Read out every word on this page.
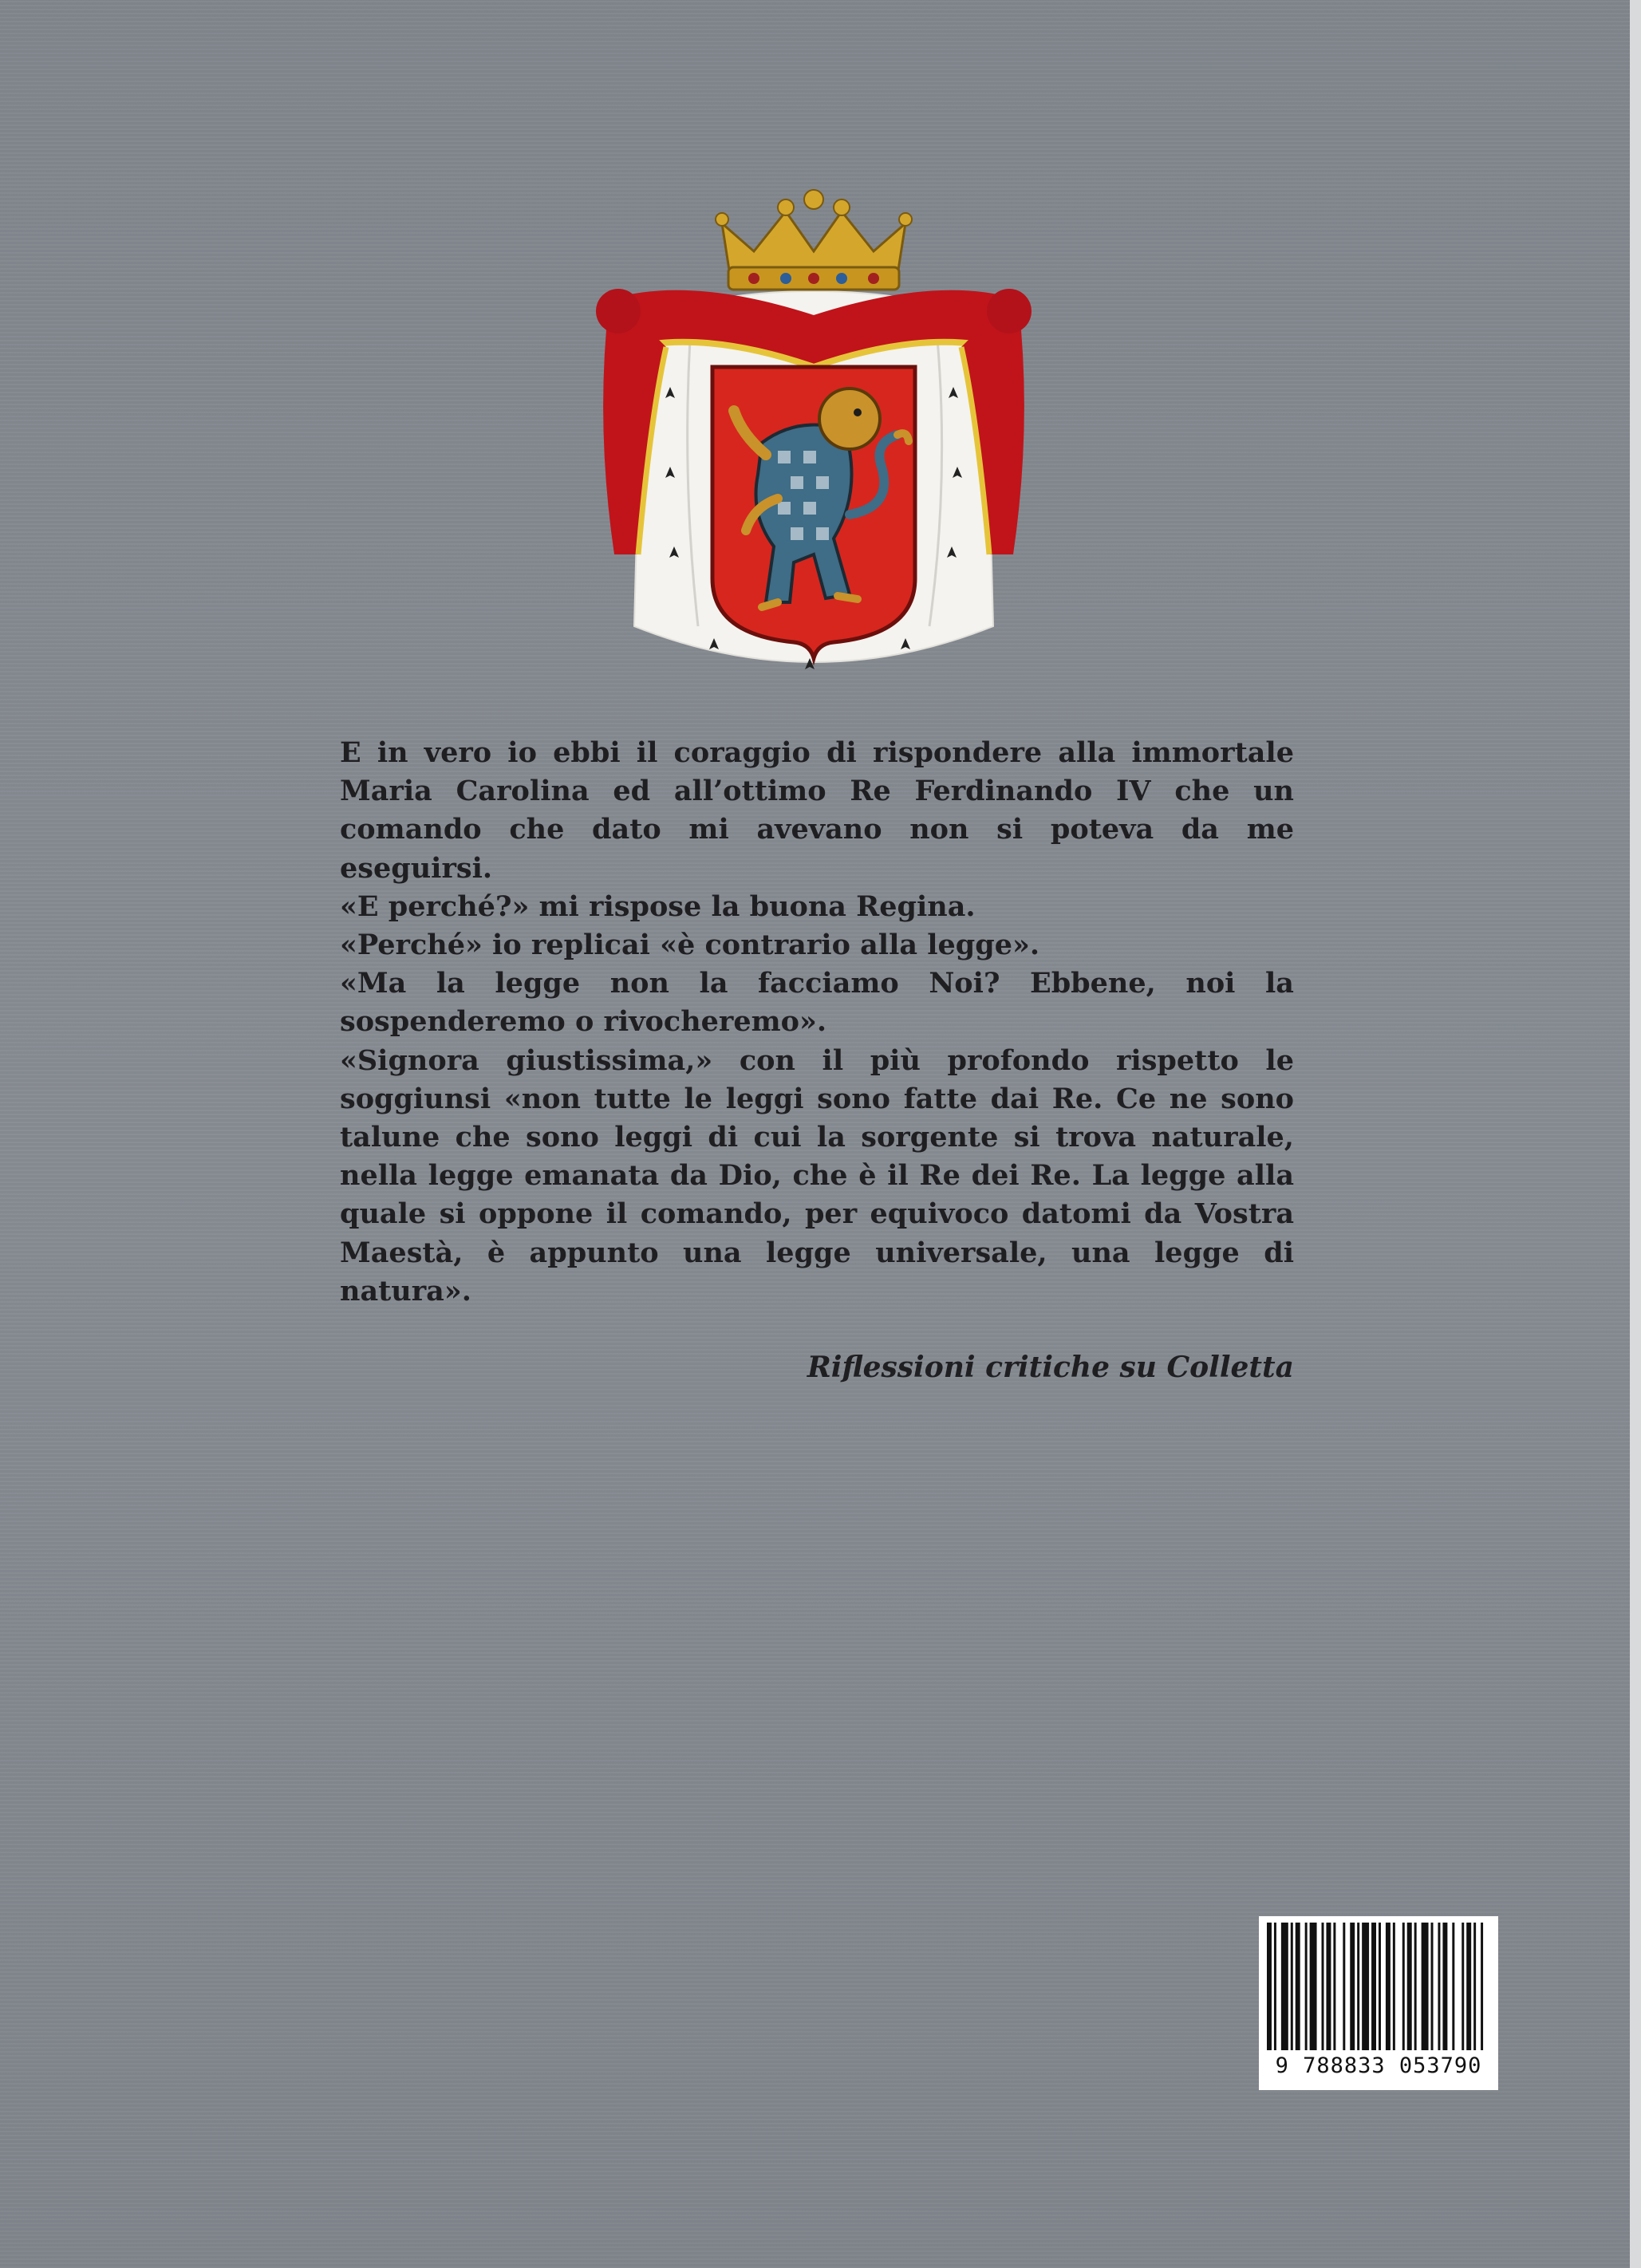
E in vero io ebbi il coraggio di rispondere alla immortale Maria Carolina ed all’ottimo Re Ferdinando IV che un comando che dato mi avevano non si poteva da me eseguirsi.

«E perché?» mi rispose la buona Regina.

«Perché» io replicai «è contrario alla legge».

«Ma la legge non la facciamo Noi? Ebbene, noi la sospenderemo o rivocheremo».

«Signora giustissima,» con il più profondo rispetto le soggiunsi «non tutte le leggi sono fatte dai Re. Ce ne sono talune che sono leggi di cui la sorgente si trova naturale, nella legge emanata da Dio, che è il Re dei Re. La legge alla quale si oppone il comando, per equivoco datomi da Vostra Maestà, è appunto una legge universale, una legge di natura».

Riflessioni critiche su Colletta
9 788833 053790
